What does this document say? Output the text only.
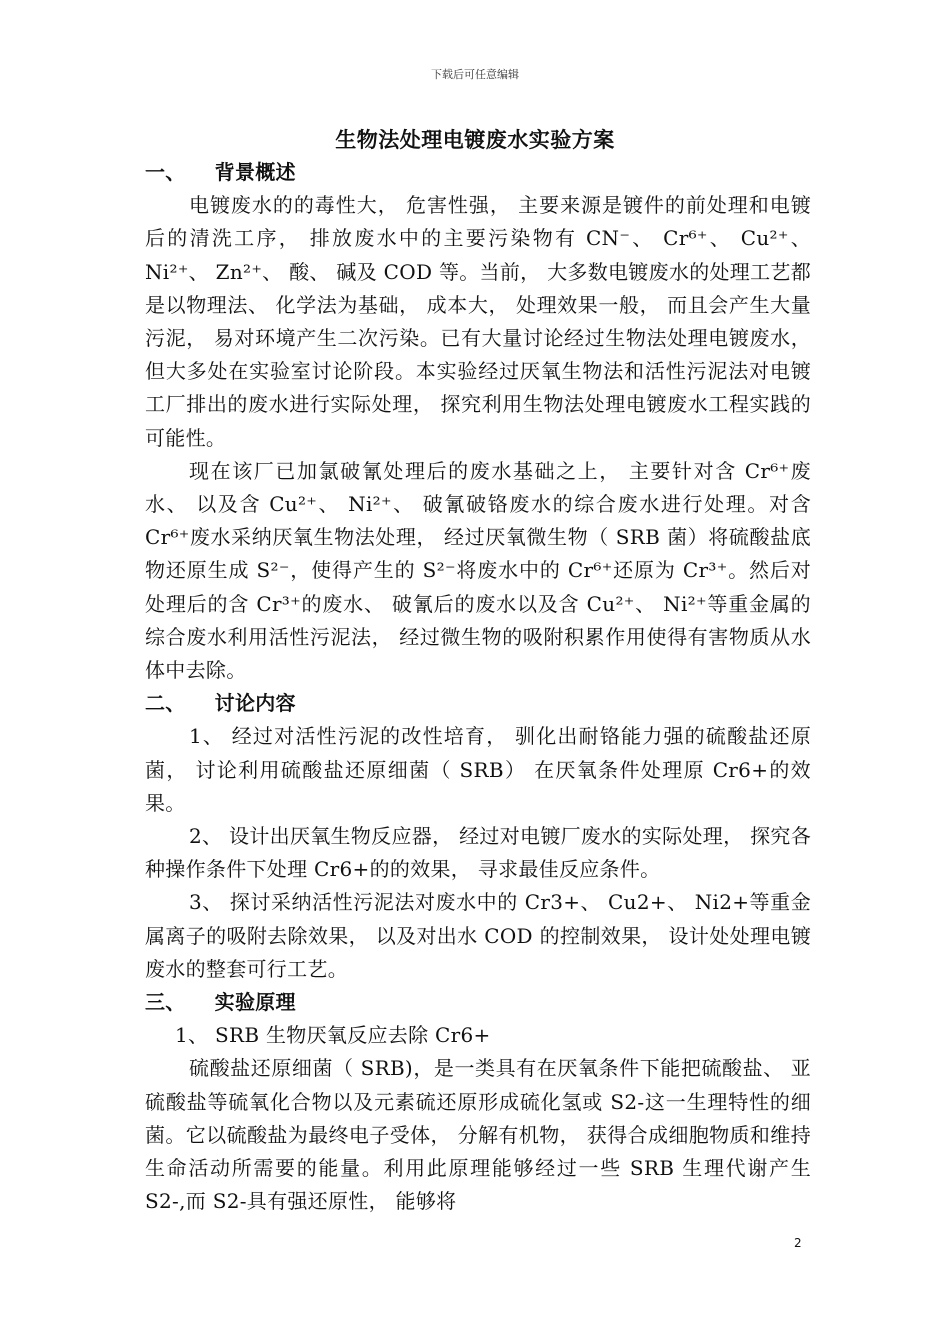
下载后可任意编辑
生物法处理电镀废水实验方案
一、    背景概述
电镀废水的的毒性大， 危害性强， 主要来源是镀件的前处理和电镀后的清洗工序， 排放废水中的主要污染物有 CN⁻、 Cr⁶⁺、 Cu²⁺、 Ni²⁺、 Zn²⁺、 酸、 碱及 COD 等。当前， 大多数电镀废水的处理工艺都是以物理法、 化学法为基础， 成本大， 处理效果一般， 而且会产生大量污泥， 易对环境产生二次污染。已有大量讨论经过生物法处理电镀废水， 但大多处在实验室讨论阶段。本实验经过厌氧生物法和活性污泥法对电镀工厂排出的废水进行实际处理， 探究利用生物法处理电镀废水工程实践的可能性。
现在该厂已加氯破氰处理后的废水基础之上， 主要针对含 Cr⁶⁺废水、 以及含 Cu²⁺、 Ni²⁺、 破氰破铬废水的综合废水进行处理。对含 Cr⁶⁺废水采纳厌氧生物法处理， 经过厌氧微生物（ SRB 菌）将硫酸盐底物还原生成 S²⁻，使得产生的 S²⁻将废水中的 Cr⁶⁺还原为 Cr³⁺。然后对处理后的含 Cr³⁺的废水、 破氰后的废水以及含 Cu²⁺、 Ni²⁺等重金属的综合废水利用活性污泥法， 经过微生物的吸附积累作用使得有害物质从水体中去除。
二、    讨论内容
1、 经过对活性污泥的改性培育， 驯化出耐铬能力强的硫酸盐还原菌， 讨论利用硫酸盐还原细菌（ SRB） 在厌氧条件处理原 Cr6+的效果。
2、 设计出厌氧生物反应器， 经过对电镀厂废水的实际处理， 探究各种操作条件下处理 Cr6+的的效果， 寻求最佳反应条件。
3、 探讨采纳活性污泥法对废水中的 Cr3+、 Cu2+、 Ni2+等重金属离子的吸附去除效果， 以及对出水 COD 的控制效果， 设计处处理电镀废水的整套可行工艺。
三、    实验原理
1、 SRB 生物厌氧反应去除 Cr6+
硫酸盐还原细菌（ SRB)，是一类具有在厌氧条件下能把硫酸盐、 亚硫酸盐等硫氧化合物以及元素硫还原形成硫化氢或 S2-这一生理特性的细菌。它以硫酸盐为最终电子受体， 分解有机物， 获得合成细胞物质和维持生命活动所需要的能量。利用此原理能够经过一些 SRB 生理代谢产生 S2-,而 S2-具有强还原性， 能够将
2
